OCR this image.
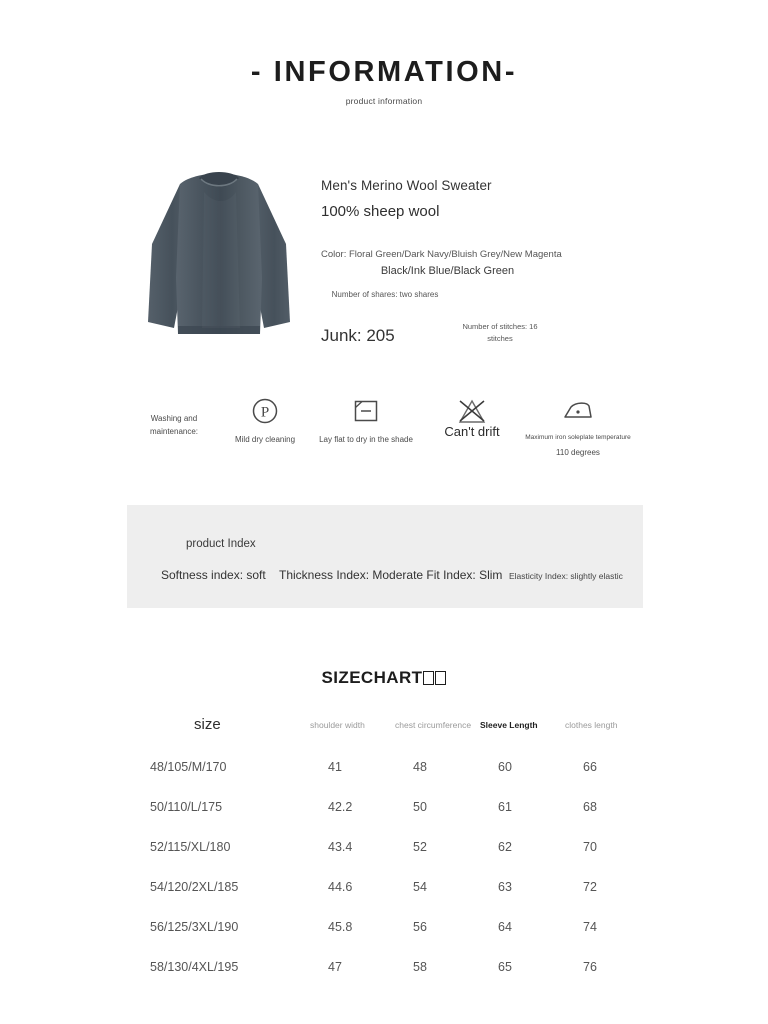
- INFORMATION-
product information
Men's Merino Wool Sweater
100% sheep wool
Color: Floral Green/Dark Navy/Bluish Grey/New Magenta
Black/Ink Blue/Black Green
Number of shares: two shares
Junk: 205	Number of stitches: 16 stitches
Washing and maintenance:
P
Mild dry cleaning	Lay flat to dry in the shade
Can't drift	Maximum iron soleplate temperature
110 degrees
product Index
Softness index: soft Thickness Index: Moderate Fit Index: Slim Elasticity Index: slightly elastic
SIZECHART
size	shoulder width	chest circumference	Sleeve Length	clothes length
48/105/M/170	41	48	60	66
50/110/L/175	42.2	50	61	68
52/115/XL/180	43.4	52	62	70
54/120/2XL/185	44.6	54	63	72
56/125/3XL/190	45.8	56	64	74
58/130/4XL/195	47	58	65	76
